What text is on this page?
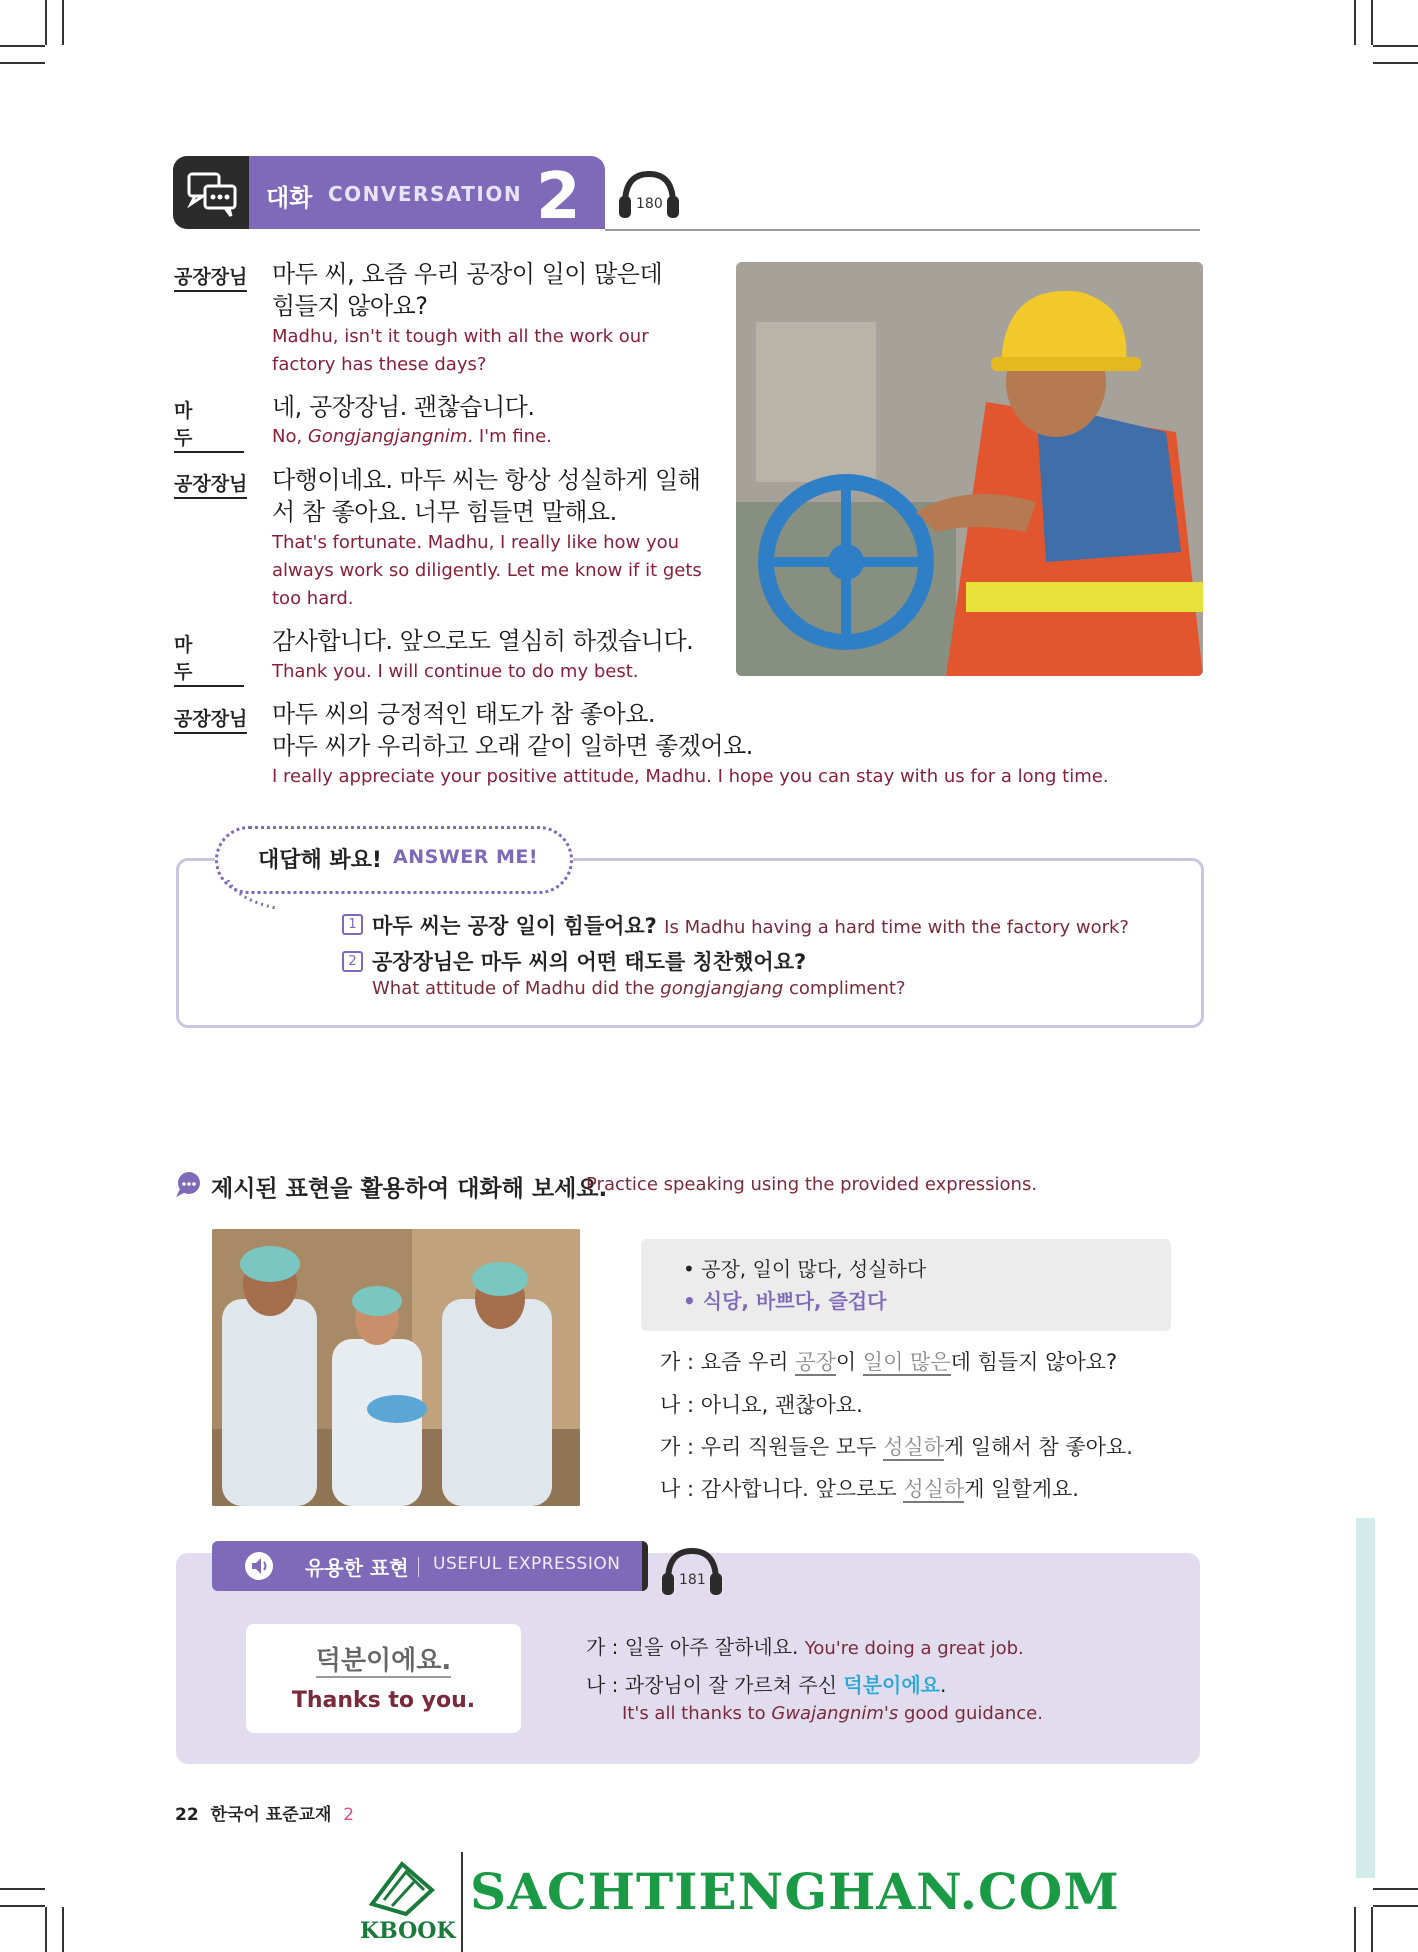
대화 CONVERSATION 2	180
공장장님 마두 씨, 요즘 우리 공장이 일이 많은데
힘들지 않아요?
Madhu, isn't it tough with all the work our
factory has these days?
마두
네, 공장장님. 괜찮습니다.
No, Gongjangjangnim. I'm fine.
공장장님 다행이네요. 마두 씨는 항상 성실하게 일해
서 참 좋아요. 너무 힘들면 말해요.
That's fortunate. Madhu, I really like how you
always work so diligently. Let me know if it gets
too hard.
마두
감사합니다. 앞으로도 열심히 하겠습니다.
Thank you. I will continue to do my best.
공장장님 마두 씨의 긍정적인 태도가 참 좋아요.
마두 씨가 우리하고 오래 같이 일하면 좋겠어요.
I really appreciate your positive attitude, Madhu. I hope you can stay with us for a long time.
대답해 봐요! ANSWER ME!
1 마두 씨는 공장 일이 힘들어요? Is Madhu having a hard time with the factory work?
2 공장장님은 마두 씨의 어떤 태도를 칭찬했어요?
What attitude of Madhu did the gongjangjang compliment?
제시된 표현을 활용하여 대화해 보세요.
Practice speaking using the provided expressions.
• 공장, 일이 많다, 성실하다
• 식당, 바쁘다, 즐겁다
가 : 요즘 우리 공장이 일이 많은데 힘들지 않아요?
나 : 아니요, 괜찮아요.
가 : 우리 직원들은 모두 성실하게 일해서 참 좋아요.
나 : 감사합니다. 앞으로도 성실하게 일할게요.
유용한 표현 USEFUL EXPRESSION
181
덕분이에요.
Thanks to you.
가 : 일을 아주 잘하네요. You're doing a great job.
나 : 과장님이 잘 가르쳐 주신 덕분이에요.
It's all thanks to Gwajangnim's good guidance.
22 한국어 표준교재 2
KBOOK
SACHTIENGHAN.COM
